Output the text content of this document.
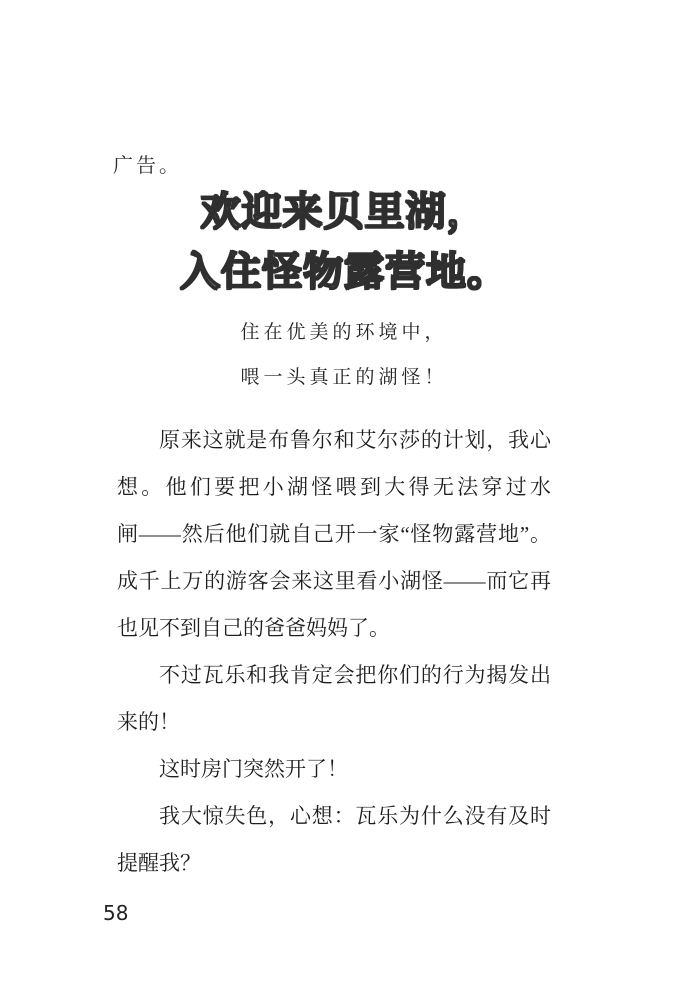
广告。
欢迎来贝里湖，
入住怪物露营地。
住在优美的环境中，
喂一头真正的湖怪！
原来这就是布鲁尔和艾尔莎的计划，我心
想。他们要把小湖怪喂到大得无法穿过水
闸——然后他们就自己开一家“怪物露营地”。
成千上万的游客会来这里看小湖怪——而它再
也见不到自己的爸爸妈妈了。
不过瓦乐和我肯定会把你们的行为揭发出
来的！
这时房门突然开了！
我大惊失色，心想：瓦乐为什么没有及时
提醒我？
58
